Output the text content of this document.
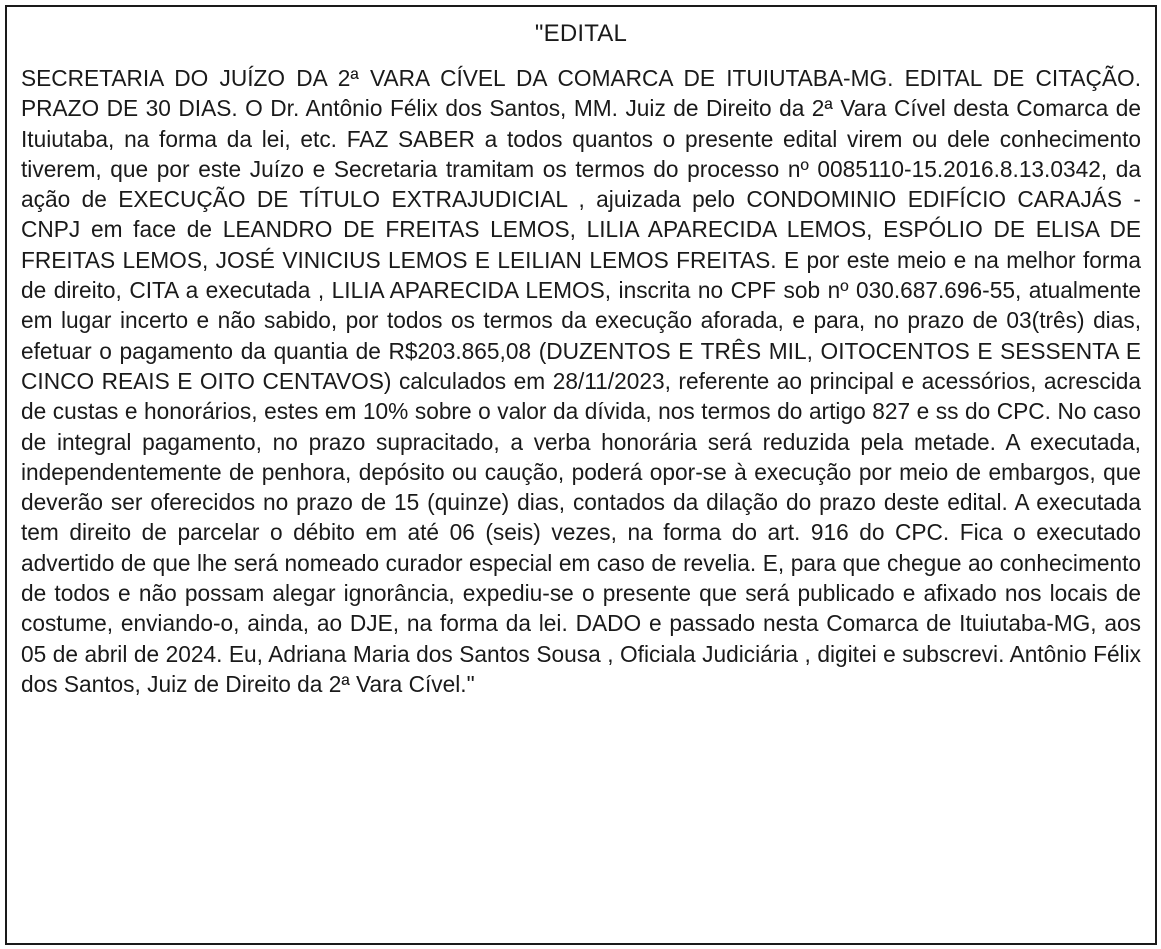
"EDITAL

SECRETARIA DO JUÍZO DA 2ª VARA CÍVEL DA COMARCA DE ITUIUTABA-MG. EDITAL DE CITAÇÃO. PRAZO DE 30 DIAS. O Dr. Antônio Félix dos Santos, MM. Juiz de Direito da 2ª Vara Cível desta Comarca de Ituiutaba, na forma da lei, etc. FAZ SABER a todos quantos o presente edital virem ou dele conhecimento tiverem, que por este Juízo e Secretaria tramitam os termos do processo nº 0085110-15.2016.8.13.0342, da ação de EXECUÇÃO DE TÍTULO EXTRAJUDICIAL , ajuizada pelo CONDOMINIO EDIFÍCIO CARAJÁS - CNPJ em face de LEANDRO DE FREITAS LEMOS, LILIA APARECIDA LEMOS, ESPÓLIO DE ELISA DE FREITAS LEMOS, JOSÉ VINICIUS LEMOS E LEILIAN LEMOS FREITAS. E por este meio e na melhor forma de direito, CITA a executada , LILIA APARECIDA LEMOS, inscrita no CPF sob nº 030.687.696-55, atualmente em lugar incerto e não sabido, por todos os termos da execução aforada, e para, no prazo de 03(três) dias, efetuar o pagamento da quantia de R$203.865,08 (DUZENTOS E TRÊS MIL, OITOCENTOS E SESSENTA E CINCO REAIS E OITO CENTAVOS) calculados em 28/11/2023, referente ao principal e acessórios, acrescida de custas e honorários, estes em 10% sobre o valor da dívida, nos termos do artigo 827 e ss do CPC. No caso de integral pagamento, no prazo supracitado, a verba honorária será reduzida pela metade. A executada, independentemente de penhora, depósito ou caução, poderá opor-se à execução por meio de embargos, que deverão ser oferecidos no prazo de 15 (quinze) dias, contados da dilação do prazo deste edital. A executada tem direito de parcelar o débito em até 06 (seis) vezes, na forma do art. 916 do CPC. Fica o executado advertido de que lhe será nomeado curador especial em caso de revelia. E, para que chegue ao conhecimento de todos e não possam alegar ignorância, expediu-se o presente que será publicado e afixado nos locais de costume, enviando-o, ainda, ao DJE, na forma da lei. DADO e passado nesta Comarca de Ituiutaba-MG, aos 05 de abril de 2024. Eu, Adriana Maria dos Santos Sousa , Oficiala Judiciária , digitei e subscrevi. Antônio Félix dos Santos, Juiz de Direito da 2ª Vara Cível."
